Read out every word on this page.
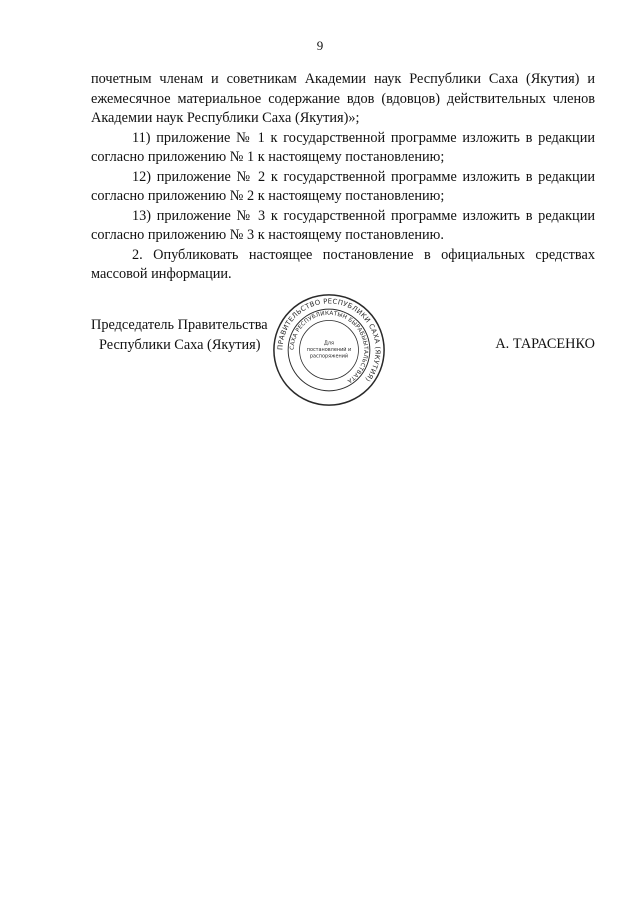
9

почетным членам и советникам Академии наук Республики Саха (Якутия) и ежемесячное материальное содержание вдов (вдовцов) действительных членов Академии наук Республики Саха (Якутия)»;

11) приложение № 1 к государственной программе изложить в редакции согласно приложению № 1 к настоящему постановлению;

12) приложение № 2 к государственной программе изложить в редакции согласно приложению № 2 к настоящему постановлению;

13) приложение № 3 к государственной программе изложить в редакции согласно приложению № 3 к настоящему постановлению.

2. Опубликовать настоящее постановление в официальных средствах массовой информации.

Председатель Правительства
Республики Саха (Якутия)	А. ТАРАСЕНКО
ПРАВИТЕЛЬСТВО РЕСПУБЛИКИ САХА (ЯКУТИЯ)
САХА РЕСПУБЛИКАТЫН БЫРАБЫЫТАЛЬСТВАТА
Для
постановлений и
распоряжений
